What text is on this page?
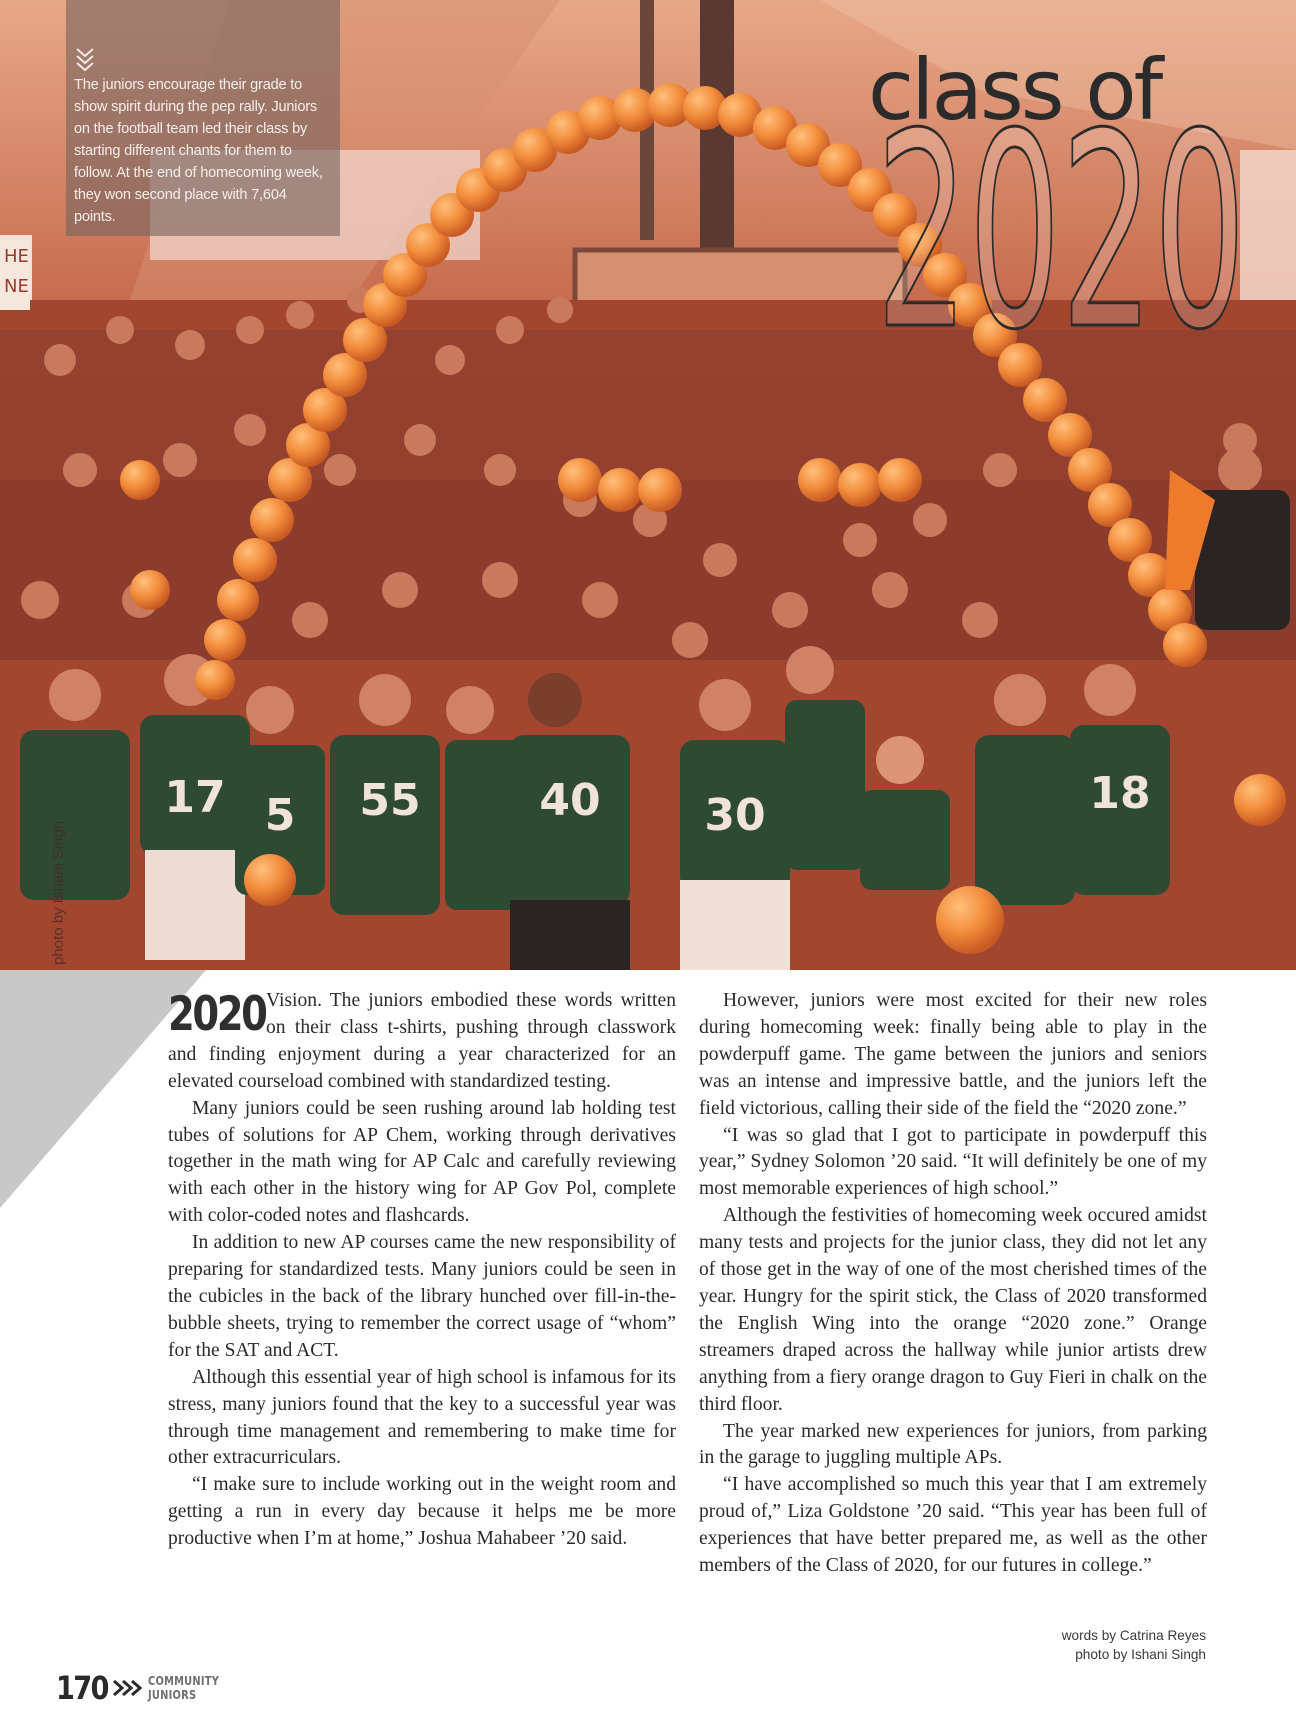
17 5 55	40 30	18
HE
NE

The juniors encourage their grade to show spirit during the pep rally. Juniors on the football team led their class by starting different chants for them to follow. At the end of homecoming week, they won second place with 7,604 points.

class of
2020
photo by Ishani Singh

2020 Vision. The juniors embodied these words written on their class t-shirts, pushing through classwork and finding enjoyment during a year characterized for an elevated courseload combined with standardized testing.

Many juniors could be seen rushing around lab holding test tubes of solutions for AP Chem, working through derivatives together in the math wing for AP Calc and carefully reviewing with each other in the history wing for AP Gov Pol, complete with color-coded notes and flashcards.

In addition to new AP courses came the new responsibility of preparing for standardized tests. Many juniors could be seen in the cubicles in the back of the library hunched over fill-in-the-bubble sheets, trying to remember the correct usage of “whom” for the SAT and ACT.

Although this essential year of high school is infamous for its stress, many juniors found that the key to a successful year was through time management and remembering to make time for other extracurriculars.

“I make sure to include working out in the weight room and getting a run in every day because it helps me be more productive when I’m at home,” Joshua Mahabeer ’20 said.

However, juniors were most excited for their new roles during homecoming week: finally being able to play in the powderpuff game. The game between the juniors and seniors was an intense and impressive battle, and the juniors left the field victorious, calling their side of the field the “2020 zone.”

“I was so glad that I got to participate in powderpuff this year,” Sydney Solomon ’20 said. “It will definitely be one of my most memorable experiences of high school.”

Although the festivities of homecoming week occured amidst many tests and projects for the junior class, they did not let any of those get in the way of one of the most cherished times of the year. Hungry for the spirit stick, the Class of 2020 transformed the English Wing into the orange “2020 zone.” Orange streamers draped across the hallway while junior artists drew anything from a fiery orange dragon to Guy Fieri in chalk on the third floor.

The year marked new experiences for juniors, from parking in the garage to juggling multiple APs.

“I have accomplished so much this year that I am extremely proud of,” Liza Goldstone ’20 said. “This year has been full of experiences that have better prepared me, as well as the other members of the Class of 2020, for our futures in college.”

words by Catrina Reyes
photo by Ishani Singh
170	COMMUNITY
JUNIORS
